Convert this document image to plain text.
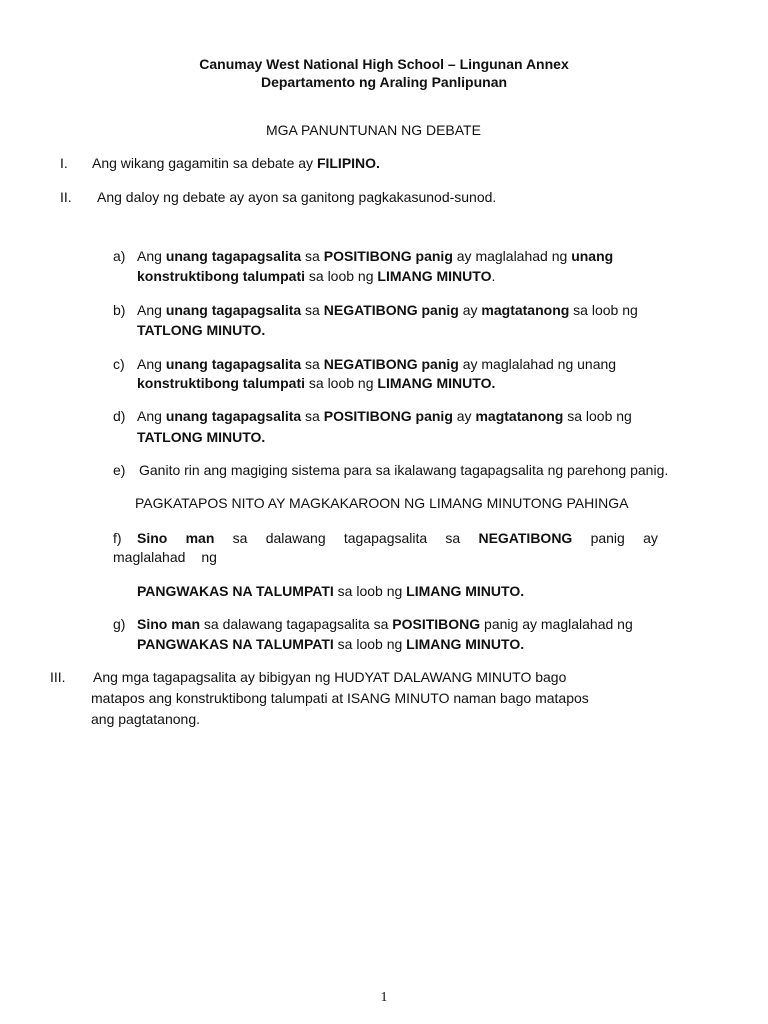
Canumay West National High School – Lingunan Annex
Departamento ng Araling Panlipunan
MGA PANUNTUNAN NG DEBATE
I. Ang wikang gagamitin sa debate ay FILIPINO.
II. Ang daloy ng debate ay ayon sa ganitong pagkakasunod-sunod.
a) Ang unang tagapagsalita sa POSITIBONG panig ay maglalahad ng unang
konstruktibong talumpati sa loob ng LIMANG MINUTO.
b) Ang unang tagapagsalita sa NEGATIBONG panig ay magtatanong sa loob ng
TATLONG MINUTO.
c) Ang unang tagapagsalita sa NEGATIBONG panig ay maglalahad ng unang
konstruktibong talumpati sa loob ng LIMANG MINUTO.
d) Ang unang tagapagsalita sa POSITIBONG panig ay magtatanong sa loob ng
TATLONG MINUTO.
e) Ganito rin ang magiging sistema para sa ikalawang tagapagsalita ng parehong panig.
PAGKATAPOS NITO AY MAGKAKAROON NG LIMANG MINUTONG PAHINGA
f) Sino man sa dalawang tagapagsalita sa NEGATIBONG panig ay
maglalahad ng
PANGWAKAS NA TALUMPATI sa loob ng LIMANG MINUTO.
g) Sino man sa dalawang tagapagsalita sa POSITIBONG panig ay maglalahad ng
PANGWAKAS NA TALUMPATI sa loob ng LIMANG MINUTO.
III. Ang mga tagapagsalita ay bibigyan ng HUDYAT DALAWANG MINUTO bago
matapos ang konstruktibong talumpati at ISANG MINUTO naman bago matapos
ang pagtatanong.
1
